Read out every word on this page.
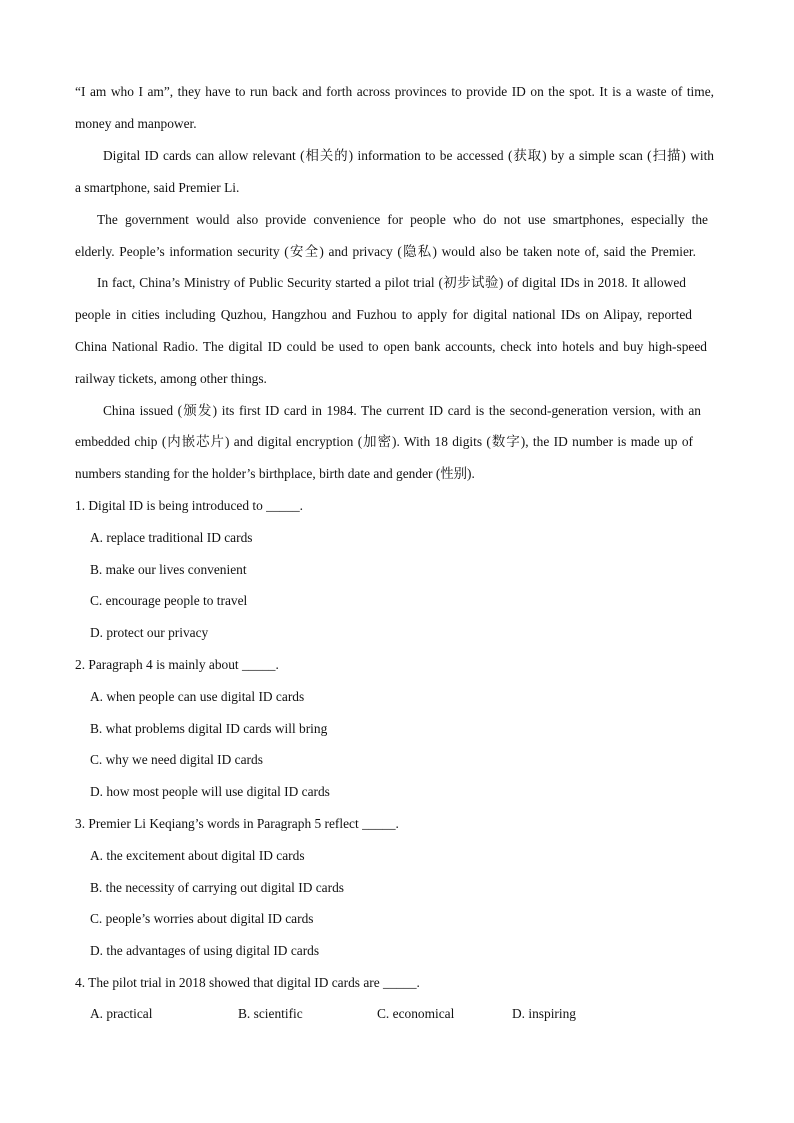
“I am who I am”, they have to run back and forth across provinces to provide ID on the spot. It is a waste of time,

money and manpower.

Digital ID cards can allow relevant (相关的) information to be accessed (获取) by a simple scan (扫描) with

a smartphone, said Premier Li.

The government would also provide convenience for people who do not use smartphones, especially the

elderly. People’s information security (安全) and privacy (隐私) would also be taken note of, said the Premier.

In fact, China’s Ministry of Public Security started a pilot trial (初步试验) of digital IDs in 2018. It allowed

people in cities including Quzhou, Hangzhou and Fuzhou to apply for digital national IDs on Alipay, reported

China National Radio. The digital ID could be used to open bank accounts, check into hotels and buy high-speed

railway tickets, among other things.

China issued (颁发) its first ID card in 1984. The current ID card is the second-generation version, with an

embedded chip (内嵌芯片) and digital encryption (加密). With 18 digits (数字), the ID number is made up of

numbers standing for the holder’s birthplace, birth date and gender (性别).

1. Digital ID is being introduced to _____.

A. replace traditional ID cards

B. make our lives convenient

C. encourage people to travel

D. protect our privacy

2. Paragraph 4 is mainly about _____.

A. when people can use digital ID cards

B. what problems digital ID cards will bring

C. why we need digital ID cards

D. how most people will use digital ID cards

3. Premier Li Keqiang’s words in Paragraph 5 reflect _____.

A. the excitement about digital ID cards

B. the necessity of carrying out digital ID cards

C. people’s worries about digital ID cards

D. the advantages of using digital ID cards

4. The pilot trial in 2018 showed that digital ID cards are _____.

A. practical	B. scientific	C. economical	D. inspiring
